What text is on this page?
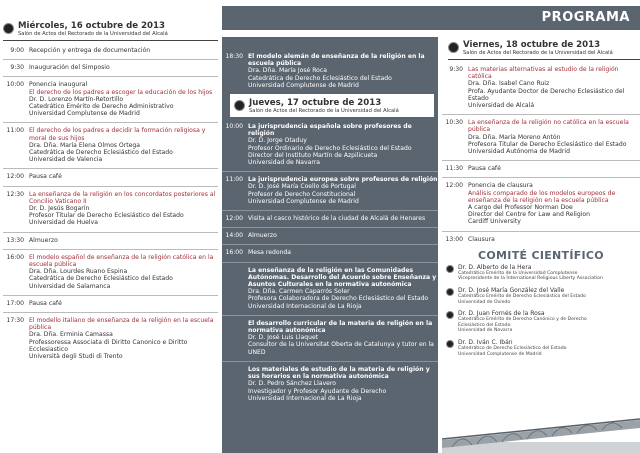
PROGRAMA
Miércoles, 16 octubre de 2013
Salón de Actos del Rectorado de la Universidad del Alcalá
9:00 Recepción y entrega de documentación
9:30 Inauguración del Simposio
10:00 Ponencia inaugural
El derecho de los padres a escoger la educación de los hijos
Dr. D. Lorenzo Martín-Retortillo
Catedrático Emérito de Derecho Administrativo
Universidad Complutense de Madrid
11:00 El derecho de los padres a decidir la formación religiosa y moral de sus hijos
Dra. Dña. María Elena Olmos Ortega
Catedrática de Derecho Eclesiástico del Estado
Universidad de Valencia
12:00 Pausa café
12:30 La enseñanza de la religión en los concordatos posteriores al Concilio Vaticano II
Dr. D. Jesús Bogarín
Profesor Titular de Derecho Eclesiástico del Estado
Universidad de Huelva
13:30 Almuerzo
16:00 El modelo español de enseñanza de la religión católica en la escuela pública
Dra. Dña. Lourdes Ruano Espina
Catedrática de Derecho Eclesiástico del Estado
Universidad de Salamanca
17:00 Pausa café
17:30 El modello italiano de enseñanza de la religión en la escuela pública
Dra. Dña. Erminia Camassa
Professoressa Associata di Diritto Canonico e Diritto Ecclesiastico
Università degli Studi di Trento
18:30 El modelo alemán de enseñanza de la religión en la escuela pública
Dra. Dña. María José Roca
Catedrática de Derecho Eclesiástico del Estado
Universidad Complutense de Madrid
Jueves, 17 octubre de 2013
Salón de Actos del Rectorado de la Universidad del Alcalá
10:00 La jurisprudencia española sobre profesores de religión
Dr. D. Jorge Otaduy
Profesor Ordinario de Derecho Eclesiástico del Estado
Director del Instituto Martín de Azpilicueta
Universidad de Navarra
11:00 La jurisprudencia europea sobre profesores de religión
Dr. D. José María Coello de Portugal
Profesor de Derecho Constitucional
Universidad Complutense de Madrid
12:00 Visita al casco histórico de la ciudad de Alcalá de Henares
14:00 Almuerzo
16:00 Mesa redonda
La enseñanza de la religión en las Comunidades Autónomas. Desarrollo del Acuerdo sobre Enseñanza y Asuntos Culturales en la normativa autonómica
Dra. Dña. Carmen Caparrós Soler
Profesora Colaboradora de Derecho Eclesiástico del Estado
Universidad Internacional de La Rioja
El desarrollo curricular de la materia de religión en la normativa autonómica
Dr. D. José Luis Llaquet
Consultor de la Universitat Oberta de Catalunya y tutor en la UNED
Los materiales de estudio de la materia de religión y sus horarios en la normativa autonómica
Dr. D. Pedro Sánchez Llavero
Investigador y Profesor Ayudante de Derecho
Universidad Internacional de La Rioja
Viernes, 18 octubre de 2013
Salón de Actos del Rectorado de la Universidad del Alcalá
9:30 Las materias alternativas al estudio de la religión católica
Dra. Dña. Isabel Cano Ruiz
Profa. Ayudante Doctor de Derecho Eclesiástico del Estado
Universidad de Alcalá
10:30 La enseñanza de la religión no católica en la escuela pública
Dra. Dña. María Moreno Antón
Profesora Titular de Derecho Eclesiástico del Estado
Universidad Autónoma de Madrid
11:30 Pausa café
12:00 Ponencia de clausura
Análisis comparado de los modelos europeos de enseñanza de la religión en la escuela pública
A cargo del Professor Norman Doe
Director del Centre for Law and Religion
Cardiff University
13:00 Clausura
COMITÉ CIENTÍFICO
Dr. D. Alberto de la Hera
Catedrático Emérito de la Universidad Complutense
Vicepresidente de la International Religious Liberty Association
Dr. D. José María González del Valle
Catedrático Emérito de Derecho Eclesiástico del Estado
Universidad de Oviedo
Dr. D. Juan Fornés de la Rosa
Catedrático Emérito de Derecho Canónico y de Derecho
Eclesiástico del Estado
Universidad de Navarra
Dr. D. Iván C. Ibán
Catedrático de Derecho Eclesiástico del Estado
Universidad Complutense de Madrid
